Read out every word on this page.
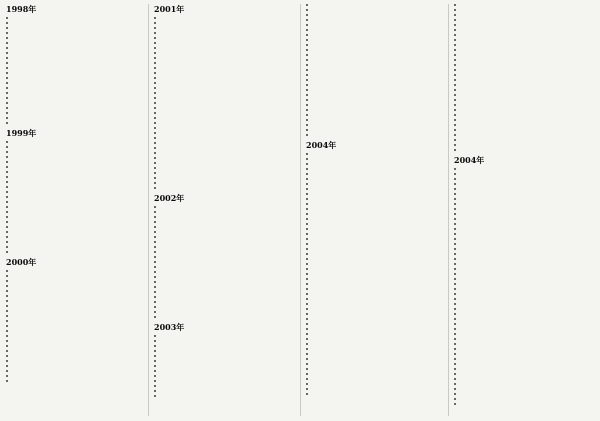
1998年
1999年
2000年
2001年
2002年
2003年
2004年
2004年
